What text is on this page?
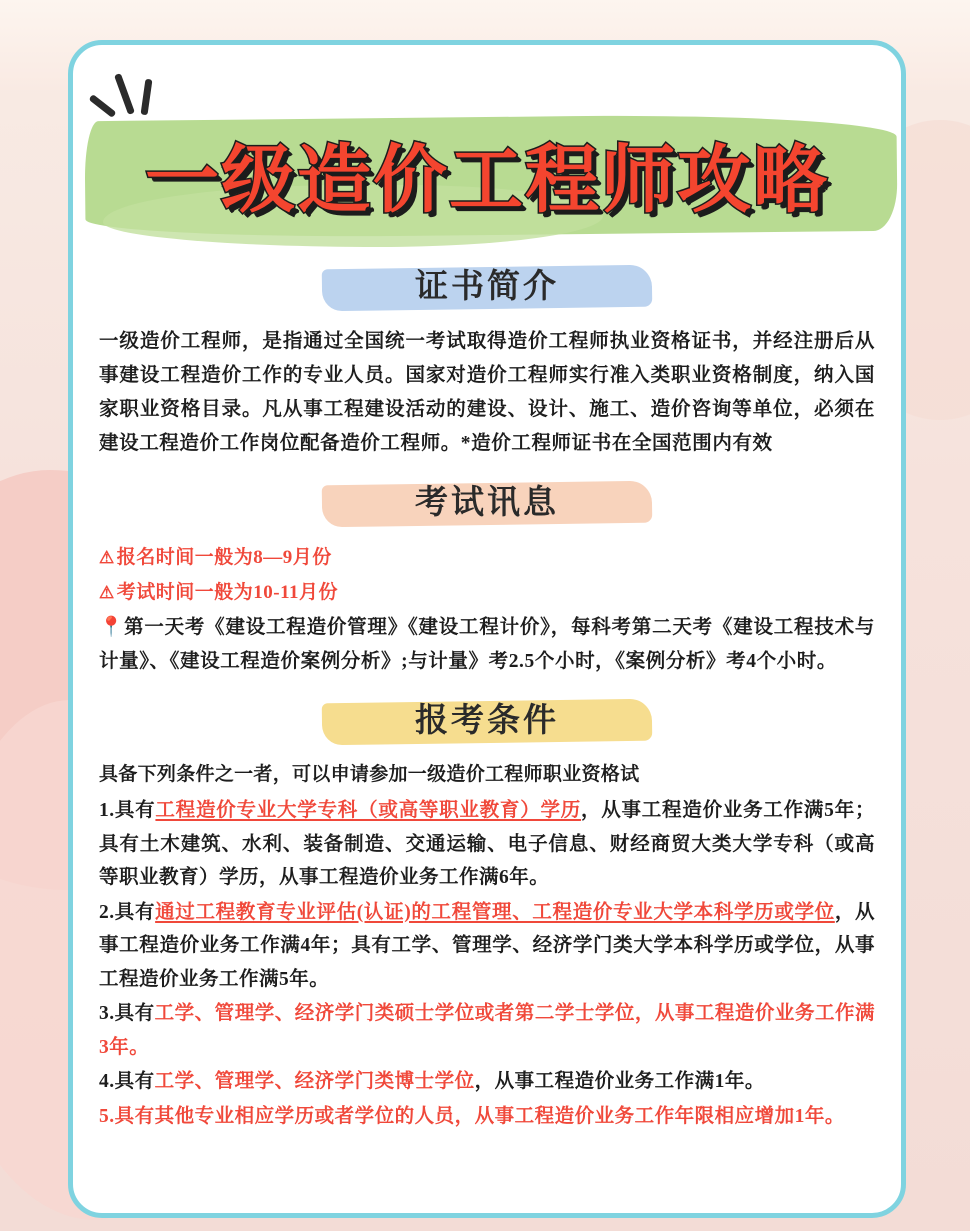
一级造价工程师攻略
证书简介

一级造价工程师，是指通过全国统一考试取得造价工程师执业资格证书，并经注册后从事建设工程造价工作的专业人员。国家对造价工程师实行准入类职业资格制度，纳入国家职业资格目录。凡从事工程建设活动的建设、设计、施工、造价咨询等单位，必须在建设工程造价工作岗位配备造价工程师。*造价工程师证书在全国范围内有效

考试讯息

⚠ 报名时间一般为8—9月份

⚠ 考试时间一般为10-11月份

📍第一天考《建设工程造价管理》《建设工程计价》，每科考第二天考《建设工程技术与计量》、《建设工程造价案例分析》;与计量》考2.5个小时，《案例分析》考4个小时。

报考条件

具备下列条件之一者，可以申请参加一级造价工程师职业资格试

1.具有工程造价专业大学专科（或高等职业教育）学历，从事工程造价业务工作满5年；具有土木建筑、水利、装备制造、交通运输、电子信息、财经商贸大类大学专科（或高等职业教育）学历，从事工程造价业务工作满6年。

2.具有通过工程教育专业评估(认证)的工程管理、工程造价专业大学本科学历或学位，从事工程造价业务工作满4年；具有工学、管理学、经济学门类大学本科学历或学位，从事工程造价业务工作满5年。

3.具有工学、管理学、经济学门类硕士学位或者第二学士学位，从事工程造价业务工作满3年。

4.具有工学、管理学、经济学门类博士学位，从事工程造价业务工作满1年。

5.具有其他专业相应学历或者学位的人员，从事工程造价业务工作年限相应增加1年。
